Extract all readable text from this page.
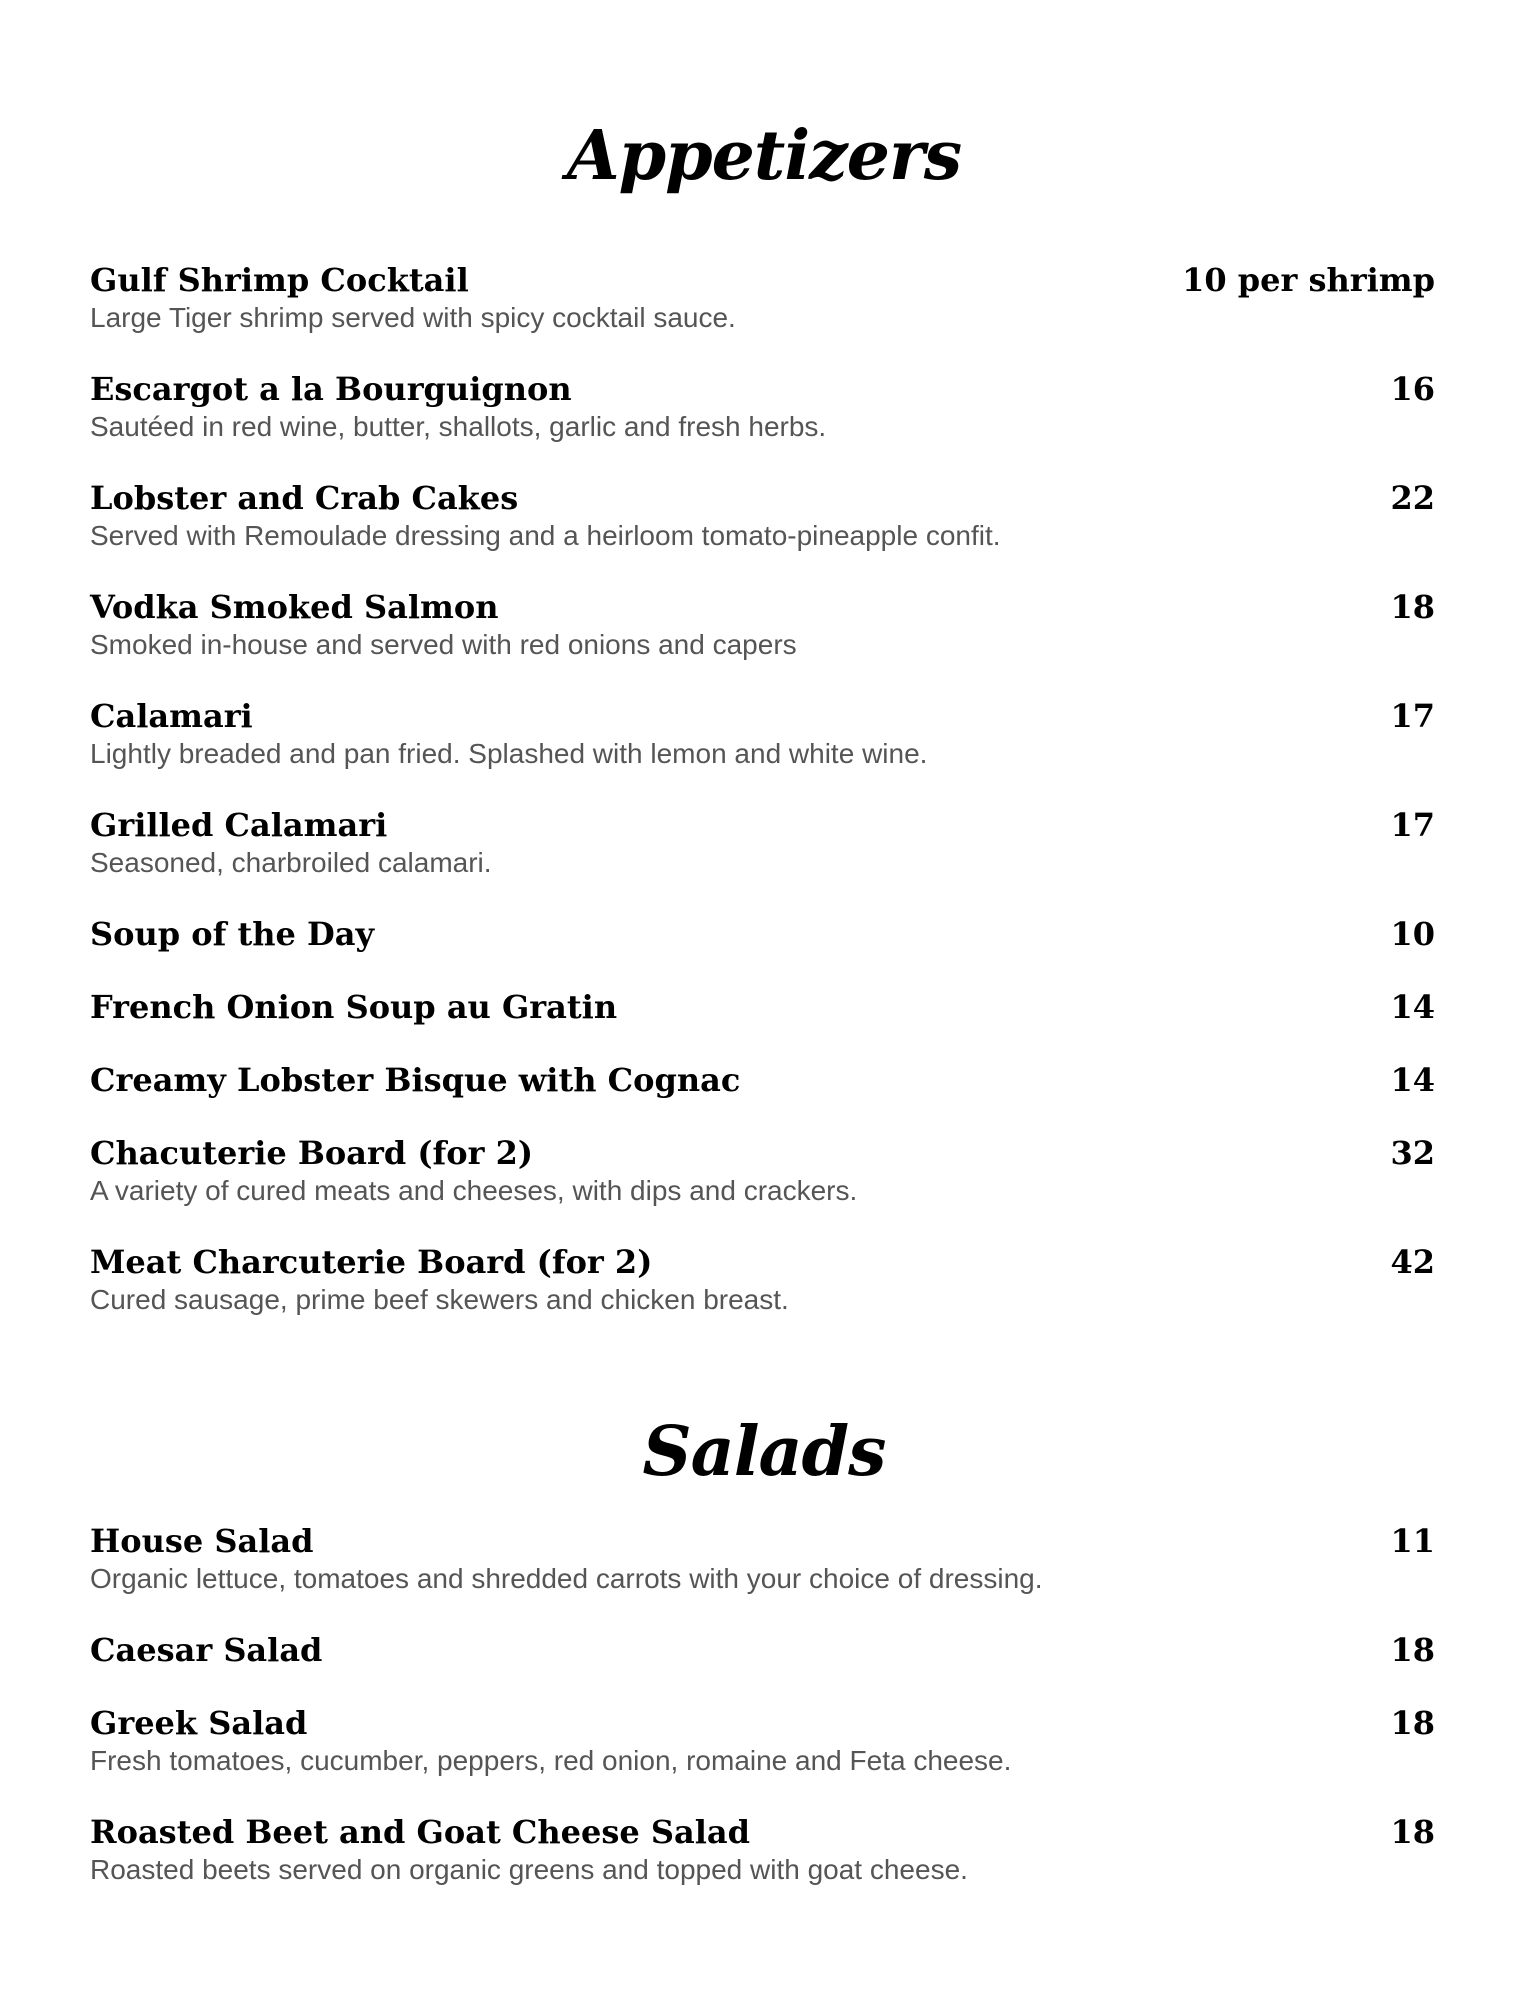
Appetizers
Gulf Shrimp Cocktail	10 per shrimp
Large Tiger shrimp served with spicy cocktail sauce.
Escargot a la Bourguignon	16
Sautéed in red wine, butter, shallots, garlic and fresh herbs.
Lobster and Crab Cakes	22
Served with Remoulade dressing and a heirloom tomato-pineapple confit.
Vodka Smoked Salmon	18
Smoked in-house and served with red onions and capers
Calamari	17
Lightly breaded and pan fried. Splashed with lemon and white wine.
Grilled Calamari	17
Seasoned, charbroiled calamari.
Soup of the Day	10
French Onion Soup au Gratin	14
Creamy Lobster Bisque with Cognac	14
Chacuterie Board (for 2)	32
A variety of cured meats and cheeses, with dips and crackers.
Meat Charcuterie Board (for 2)	42
Cured sausage, prime beef skewers and chicken breast.
Salads
House Salad	11
Organic lettuce, tomatoes and shredded carrots with your choice of dressing.
Caesar Salad	18
Greek Salad	18
Fresh tomatoes, cucumber, peppers, red onion, romaine and Feta cheese.
Roasted Beet and Goat Cheese Salad	18
Roasted beets served on organic greens and topped with goat cheese.
